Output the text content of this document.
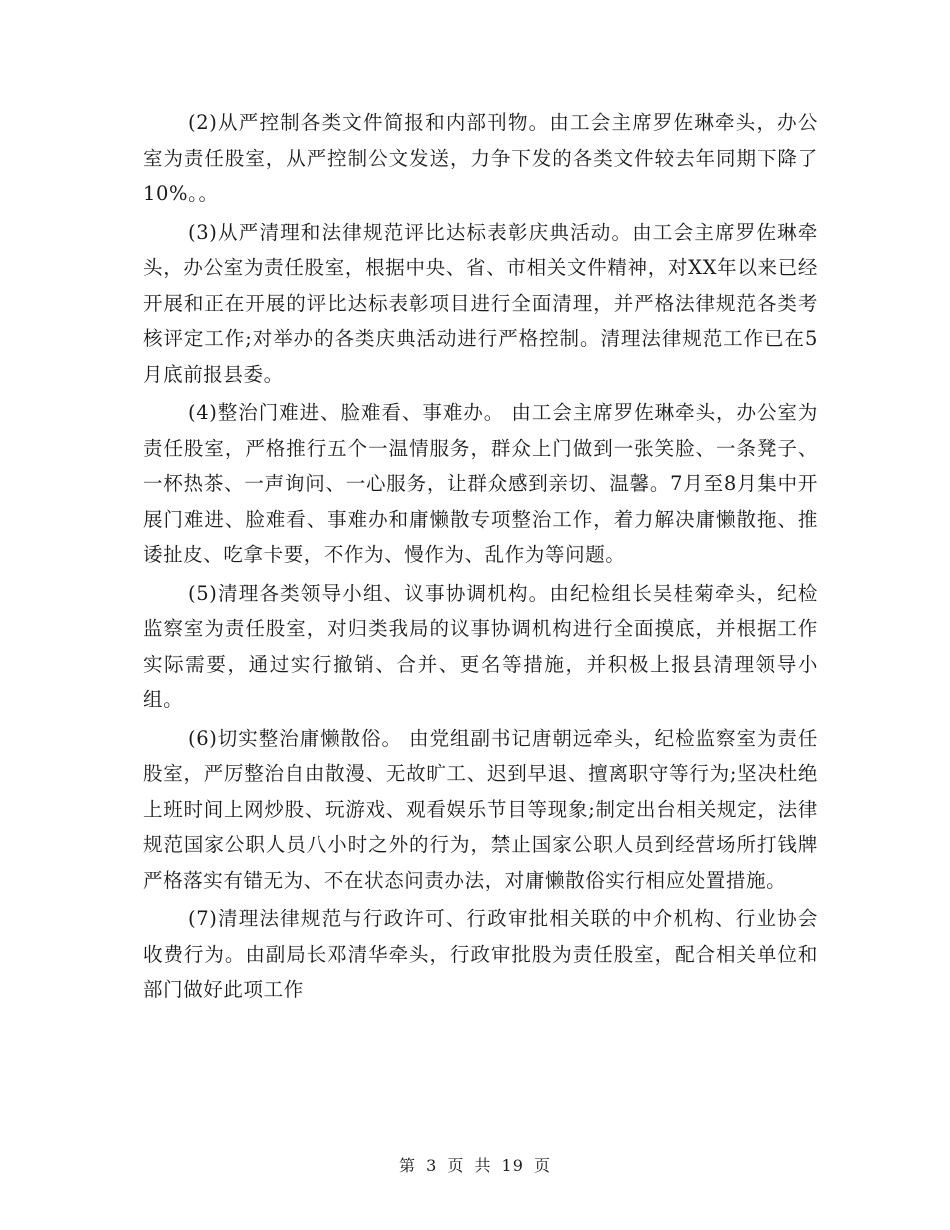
(2)从严控制各类文件简报和内部刊物。由工会主席罗佐琳牵头，办公室为责任股室，从严控制公文发送，力争下发的各类文件较去年同期下降了10%。。

(3)从严清理和法律规范评比达标表彰庆典活动。由工会主席罗佐琳牵头，办公室为责任股室，根据中央、省、市相关文件精神，对XX年以来已经开展和正在开展的评比达标表彰项目进行全面清理，并严格法律规范各类考核评定工作;对举办的各类庆典活动进行严格控制。清理法律规范工作已在5月底前报县委。

(4)整治门难进、脸难看、事难办。 由工会主席罗佐琳牵头，办公室为责任股室，严格推行五个一温情服务，群众上门做到一张笑脸、一条凳子、一杯热茶、一声询问、一心服务，让群众感到亲切、温馨。7月至8月集中开展门难进、脸难看、事难办和庸懒散专项整治工作，着力解决庸懒散拖、推诿扯皮、吃拿卡要，不作为、慢作为、乱作为等问题。

(5)清理各类领导小组、议事协调机构。由纪检组长吴桂菊牵头，纪检监察室为责任股室，对归类我局的议事协调机构进行全面摸底，并根据工作实际需要，通过实行撤销、合并、更名等措施，并积极上报县清理领导小组。

(6)切实整治庸懒散俗。 由党组副书记唐朝远牵头，纪检监察室为责任股室，严厉整治自由散漫、无故旷工、迟到早退、擅离职守等行为;坚决杜绝上班时间上网炒股、玩游戏、观看娱乐节目等现象;制定出台相关规定，法律规范国家公职人员八小时之外的行为，禁止国家公职人员到经营场所打钱牌严格落实有错无为、不在状态问责办法，对庸懒散俗实行相应处置措施。

(7)清理法律规范与行政许可、行政审批相关联的中介机构、行业协会收费行为。由副局长邓清华牵头，行政审批股为责任股室，配合相关单位和部门做好此项工作

第 3 页 共 19 页
